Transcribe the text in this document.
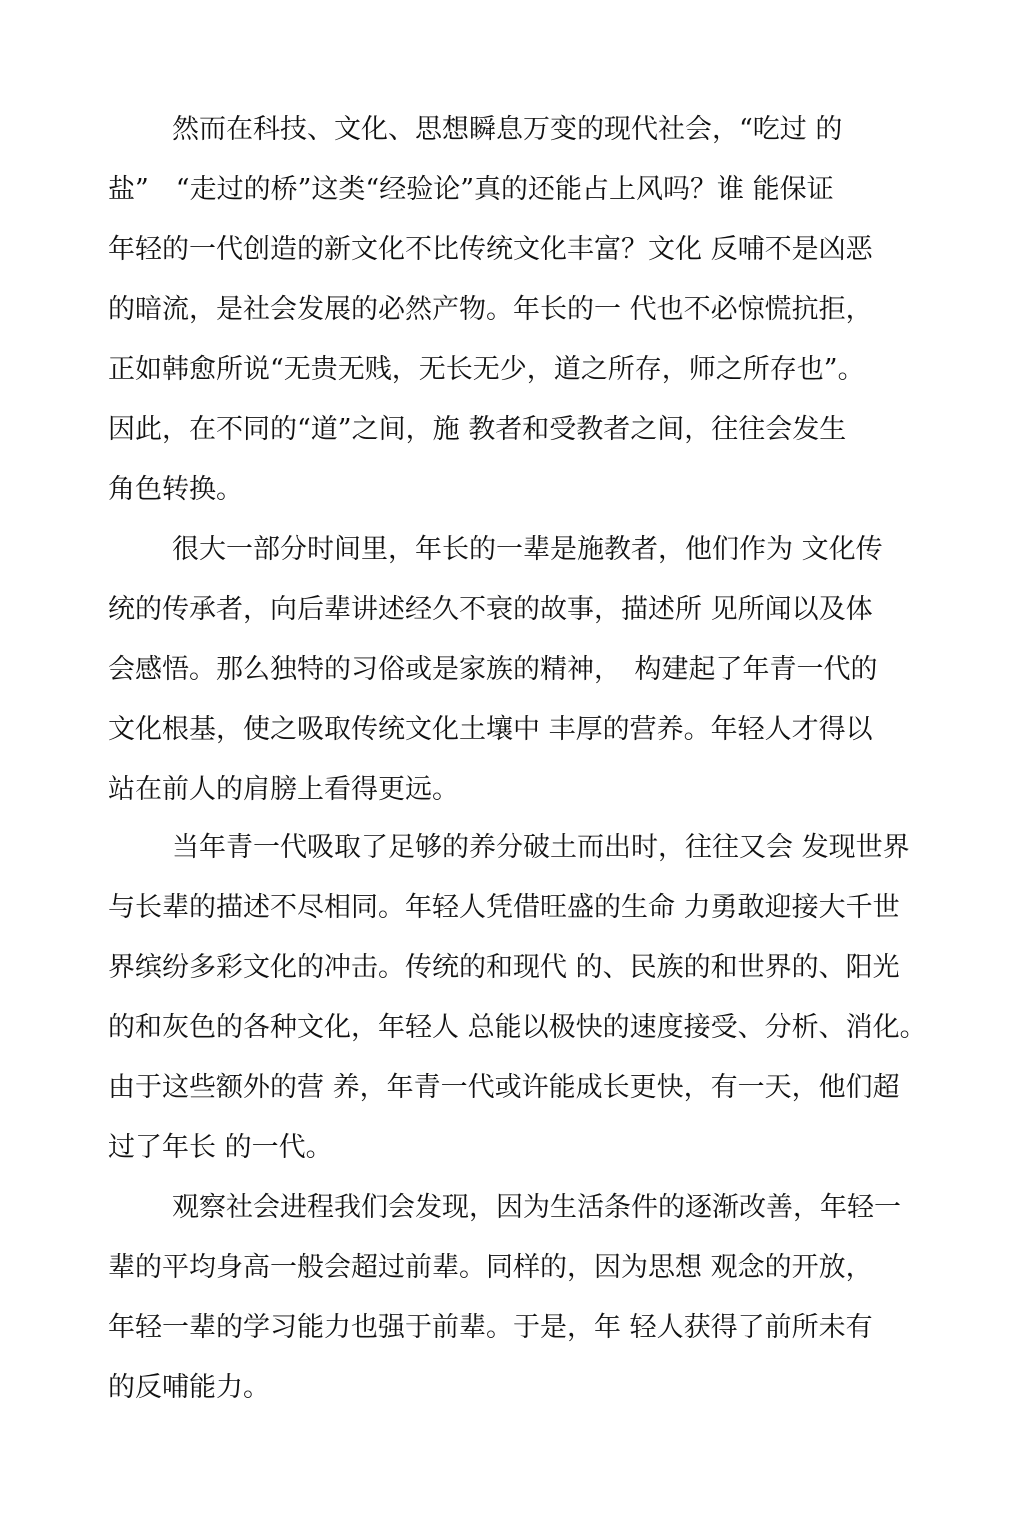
然而在科技、文化、思想瞬息万变的现代社会，“吃过 的
盐”　“走过的桥”这类“经验论”真的还能占上风吗？谁 能保证
年轻的一代创造的新文化不比传统文化丰富？文化 反哺不是凶恶
的暗流，是社会发展的必然产物。年长的一 代也不必惊慌抗拒，
正如韩愈所说“无贵无贱，无长无少，道之所存，师之所存也”。
因此，在不同的“道”之间，施 教者和受教者之间，往往会发生
角色转换。
很大一部分时间里，年长的一辈是施教者，他们作为 文化传
统的传承者，向后辈讲述经久不衰的故事，描述所 见所闻以及体
会感悟。那么独特的习俗或是家族的精神，　构建起了年青一代的
文化根基，使之吸取传统文化土壤中 丰厚的营养。年轻人才得以
站在前人的肩膀上看得更远。
当年青一代吸取了足够的养分破土而出时，往往又会 发现世界
与长辈的描述不尽相同。年轻人凭借旺盛的生命 力勇敢迎接大千世
界缤纷多彩文化的冲击。传统的和现代 的、民族的和世界的、阳光
的和灰色的各种文化，年轻人 总能以极快的速度接受、分析、消化。
由于这些额外的营 养，年青一代或许能成长更快，有一天，他们超
过了年长 的一代。
观察社会进程我们会发现，因为生活条件的逐渐改善，年轻一
辈的平均身高一般会超过前辈。同样的，因为思想 观念的开放，
年轻一辈的学习能力也强于前辈。于是，年 轻人获得了前所未有
的反哺能力。
